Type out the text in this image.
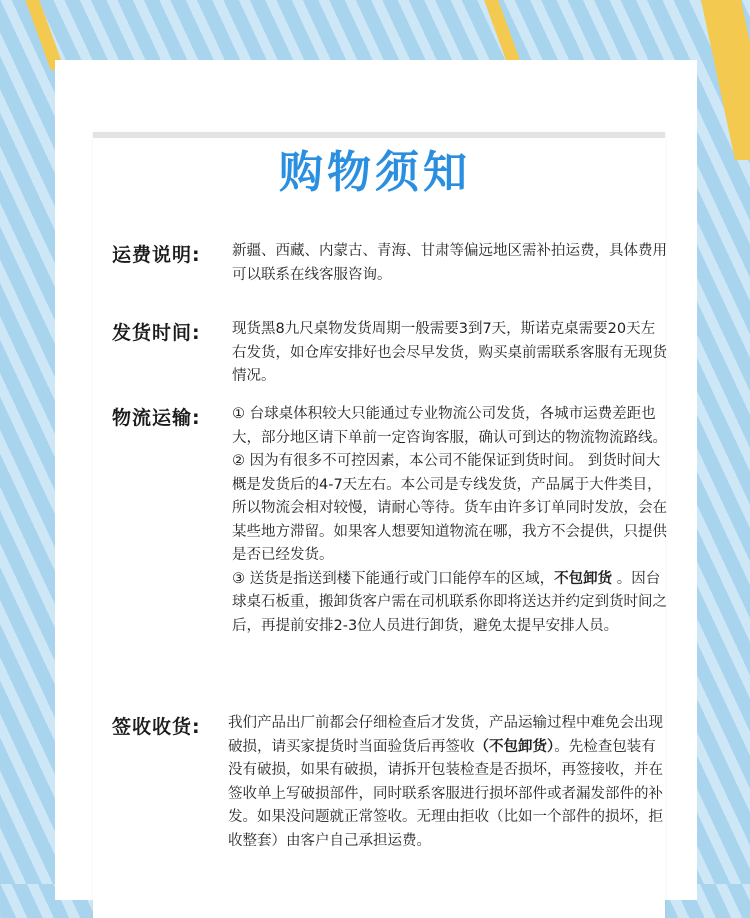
购物须知
运费说明: 新疆、西藏、内蒙古、青海、甘肃等偏远地区需补拍运费，具体费用可以联系在线客服咨询。

发货时间: 现货黑8九尺桌物发货周期一般需要3到7天，斯诺克桌需要20天左右发货，如仓库安排好也会尽早发货，购买桌前需联系客服有无现货情况。

物流运输: ① 台球桌体积较大只能通过专业物流公司发货，各城市运费差距也大，部分地区请下单前一定咨询客服，确认可到达的物流物流路线。

② 因为有很多不可控因素，本公司不能保证到货时间。 到货时间大概是发货后的4-7天左右。本公司是专线发货，产品属于大件类目，所以物流会相对较慢，请耐心等待。货车由许多订单同时发放，会在某些地方滞留。如果客人想要知道物流在哪，我方不会提供，只提供是否已经发货。

③ 送货是指送到楼下能通行或门口能停车的区域，不包卸货 。因台球桌石板重，搬卸货客户需在司机联系你即将送达并约定到货时间之后，再提前安排2-3位人员进行卸货，避免太提早安排人员。

签收收货: 我们产品出厂前都会仔细检查后才发货，产品运输过程中难免会出现破损，请买家提货时当面验货后再签收（不包卸货）。先检查包装有没有破损，如果有破损，请拆开包装检查是否损坏，再签接收，并在签收单上写破损部件，同时联系客服进行损坏部件或者漏发部件的补发。如果没问题就正常签收。无理由拒收（比如一个部件的损坏，拒收整套）由客户自己承担运费。
